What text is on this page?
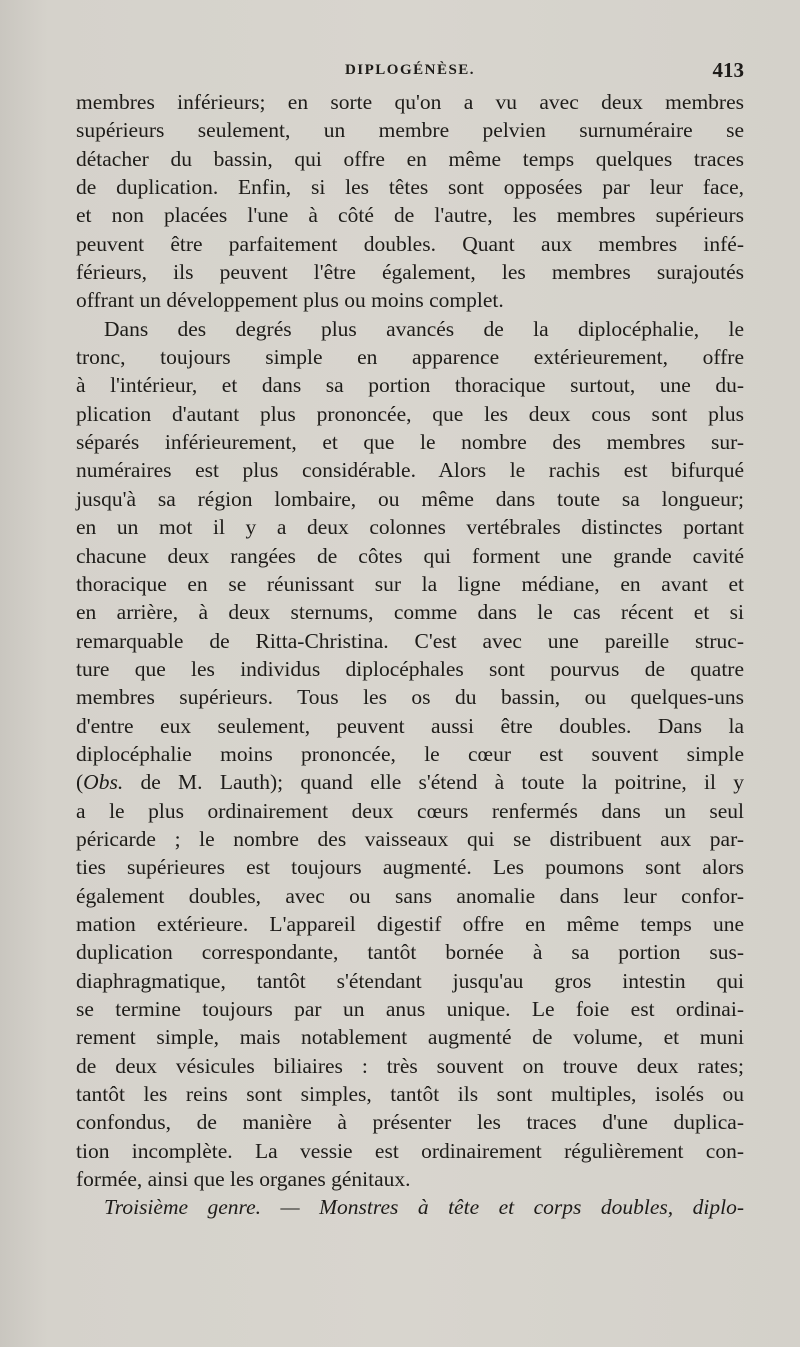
DIPLOGÉNÈSE.	413
membres inférieurs; en sorte qu'on a vu avec deux membres
supérieurs seulement, un membre pelvien surnuméraire se
détacher du bassin, qui offre en même temps quelques traces
de duplication. Enfin, si les têtes sont opposées par leur face,
et non placées l'une à côté de l'autre, les membres supérieurs
peuvent être parfaitement doubles. Quant aux membres infé-
férieurs, ils peuvent l'être également, les membres surajoutés
offrant un développement plus ou moins complet.
Dans des degrés plus avancés de la diplocéphalie, le
tronc, toujours simple en apparence extérieurement, offre
à l'intérieur, et dans sa portion thoracique surtout, une du-
plication d'autant plus prononcée, que les deux cous sont plus
séparés inférieurement, et que le nombre des membres sur-
numéraires est plus considérable. Alors le rachis est bifurqué
jusqu'à sa région lombaire, ou même dans toute sa longueur;
en un mot il y a deux colonnes vertébrales distinctes portant
chacune deux rangées de côtes qui forment une grande cavité
thoracique en se réunissant sur la ligne médiane, en avant et
en arrière, à deux sternums, comme dans le cas récent et si
remarquable de Ritta-Christina. C'est avec une pareille struc-
ture que les individus diplocéphales sont pourvus de quatre
membres supérieurs. Tous les os du bassin, ou quelques-uns
d'entre eux seulement, peuvent aussi être doubles. Dans la
diplocéphalie moins prononcée, le cœur est souvent simple
(Obs. de M. Lauth); quand elle s'étend à toute la poitrine, il y
a le plus ordinairement deux cœurs renfermés dans un seul
péricarde ; le nombre des vaisseaux qui se distribuent aux par-
ties supérieures est toujours augmenté. Les poumons sont alors
également doubles, avec ou sans anomalie dans leur confor-
mation extérieure. L'appareil digestif offre en même temps une
duplication correspondante, tantôt bornée à sa portion sus-
diaphragmatique, tantôt s'étendant jusqu'au gros intestin qui
se termine toujours par un anus unique. Le foie est ordinai-
rement simple, mais notablement augmenté de volume, et muni
de deux vésicules biliaires : très souvent on trouve deux rates;
tantôt les reins sont simples, tantôt ils sont multiples, isolés ou
confondus, de manière à présenter les traces d'une duplica-
tion incomplète. La vessie est ordinairement régulièrement con-
formée, ainsi que les organes génitaux.
Troisième genre. — Monstres à tête et corps doubles, diplo-
